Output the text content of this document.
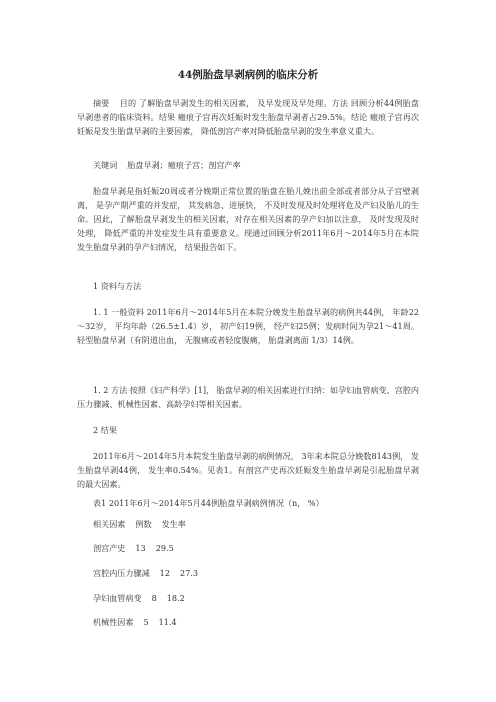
44例胎盘早剥病例的临床分析

摘要 目的 了解胎盘早剥发生的相关因素， 及早发现及早处理。方法 回顾分析44例胎盘早剥患者的临床资料。结果 瘢痕子宫再次妊娠时发生胎盘早剥者占29.5%。结论 瘢痕子宫再次妊娠是发生胎盘早剥的主要因素， 降低剖宫产率对降低胎盘早剥的发生率意义重大。

关键词 胎盘早剥；瘢痕子宫；剖宫产率

胎盘早剥是指妊娠20周或者分娩期正常位置的胎盘在胎儿娩出前全部或者部分从子宫壁剥离， 是孕产期严重的并发症， 其发病急、进展快， 不及时发现及时处理将危及产妇及胎儿的生命。因此，了解胎盘早剥发生的相关因素，对存在相关因素的孕产妇加以注意， 及时发现及时处理， 降低严重的并发症发生具有重要意义。现通过回顾分析2011年6月～2014年5月在本院发生胎盘早剥的孕产妇情况， 结果报告如下。

1 资料与方法

1. 1 一般资料 2011年6月～2014年5月在本院分娩发生胎盘早剥的病例共44例， 年龄22～32岁， 平均年龄（26.5±1.4）岁， 初产妇19例， 经产妇25例；发病时间为孕21～41周。轻型胎盘早剥（有阴道出血， 无腹痛或者轻度腹痛， 胎盘剥离面 1/3）14例。

1. 2 方法 按照《妇产科学》[1]， 胎盘早剥的相关因素进行归纳：如孕妇血管病变、宫腔内压力骤减、机械性因素、高龄孕妇等相关因素。

2 结果

2011年6月～2014年5月本院发生胎盘早剥的病例情况， 3年来本院总分娩数8143例， 发生胎盘早剥44例， 发生率0.54%。见表1。有剖宫产史再次妊娠发生胎盘早剥是引起胎盘早剥的最大因素。

表1 2011年6月～2014年5月44例胎盘早剥病例情况（n， %）
相关因素 例数 发生率
剖宫产史 13 29.5
宫腔内压力骤减 12 27.3
孕妇血管病变 8 18.2
机械性因素 5 11.4
